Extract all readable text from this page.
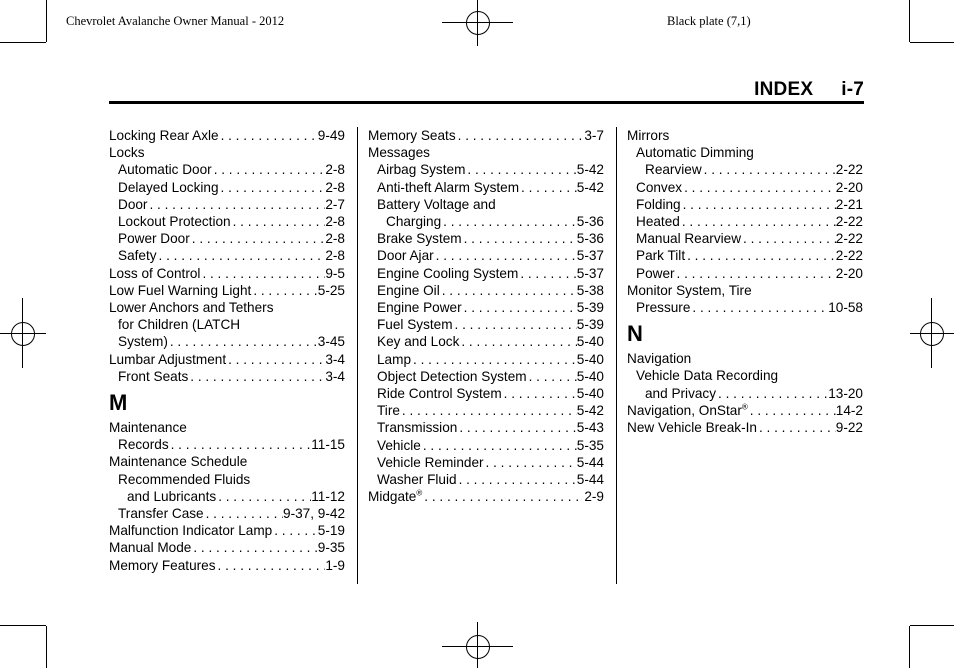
Chevrolet Avalanche Owner Manual - 2012	Black plate (7,1)
INDEX i-7
Locking Rear Axle . . .	9-49
Locks
Automatic Door . . .	2-8
Delayed Locking . . .	2-8
Door . . .	2-7
Lockout Protection . . .	2-8
Power Door . . .	2-8
Safety . . .	2-8
Loss of Control . . .	9-5
Low Fuel Warning Light . . .	5-25
Lower Anchors and Tethers
for Children (LATCH
System) . . .	3-45
Lumbar Adjustment . . .	3-4
Front Seats . . .	3-4
M
Maintenance
Records . . .	11-15
Maintenance Schedule
Recommended Fluids
and Lubricants . . .	11-12
Transfer Case . . .	9-37, 9-42
Malfunction Indicator Lamp . . .	5-19
Manual Mode . . .	9-35
Memory Features . . .	1-9
Memory Seats . . .	3-7
Messages
Airbag System . . .	5-42
Anti-theft Alarm System . . .	5-42
Battery Voltage and
Charging . . .	5-36
Brake System . . .	5-36
Door Ajar . . .	5-37
Engine Cooling System . . .	5-37
Engine Oil . . .	5-38
Engine Power . . .	5-39
Fuel System . . .	5-39
Key and Lock . . .	5-40
Lamp . . .	5-40
Object Detection System . . .	5-40
Ride Control System . . .	5-40
Tire . . .	5-42
Transmission . . .	5-43
Vehicle . . .	5-35
Vehicle Reminder . . .	5-44
Washer Fluid . . .	5-44
Midgate® . . .	2-9
Mirrors
Automatic Dimming
Rearview . . .	2-22
Convex . . .	2-20
Folding . . .	2-21
Heated . . .	2-22
Manual Rearview . . .	2-22
Park Tilt . . .	2-22
Power . . .	2-20
Monitor System, Tire
Pressure . . .	10-58
N
Navigation
Vehicle Data Recording
and Privacy . . .	13-20
Navigation, OnStar® . . .	14-2
New Vehicle Break-In . . .	9-22
